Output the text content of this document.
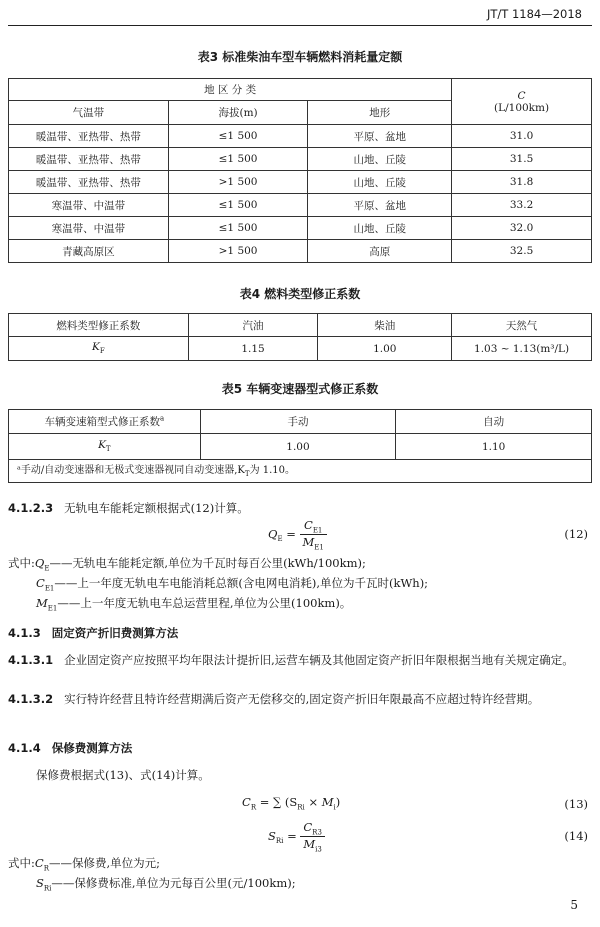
JT/T 1184—2018
表3 标准柴油车型车辆燃料消耗量定额
地 区 分 类			C
(L/100km)

气温带	海拔(m)	地形	
暖温带、亚热带、热带	≤1 500	平原、盆地	31.0
暖温带、亚热带、热带	≤1 500	山地、丘陵	31.5
暖温带、亚热带、热带	>1 500	山地、丘陵	31.8
寒温带、中温带	≤1 500	平原、盆地	33.2
寒温带、中温带	≤1 500	山地、丘陵	32.0
青藏高原区	>1 500	高原	32.5
表4 燃料类型修正系数
燃料类型修正系数	汽油	柴油	天然气
$K_F$	1.15	1.00	1.03 ~ 1.13(m³/L)
表5 车辆变速器型式修正系数
车辆变速箱型式修正系数$^a$	手动	自动
$K_T$	1.00	1.10
ᵃ手动/自动变速器和无极式变速器视同自动变速器$,K_T$为 1.10。
4.1.2.3 无轨电车能耗定额根据式(12)计算。
$Q_E = \frac{C_{E1}}{M_{E1}}$	(12)
式中$:Q_E——$无轨电车能耗定额,单位为千瓦时每百公里(kWh/100km);
$C_{E1}——$上一年度无轨电车电能消耗总额(含电网电消耗),单位为千瓦时(kWh);
$M_{E1}——$上一年度无轨电车总运营里程,单位为公里(100km)。
4.1.3 固定资产折旧费测算方法
4.1.3.1 企业固定资产应按照平均年限法计提折旧,运营车辆及其他固定资产折旧年限根据当地有关规定确定。
4.1.3.2 实行特许经营且特许经营期满后资产无偿移交的,固定资产折旧年限最高不应超过特许经营期。
4.1.4 保修费测算方法
保修费根据式(13)、式(14)计算。
$C_R$ = ∑ $(S_{Ri} \times M_i)$	(13)
$S_{Ri} = \frac{C_{R3}}{M_{i3}}$	(14)
式中$:C_R——$保修费,单位为元;
$S_{Ri}——$保修费标准,单位为元每百公里(元/100km);
5
